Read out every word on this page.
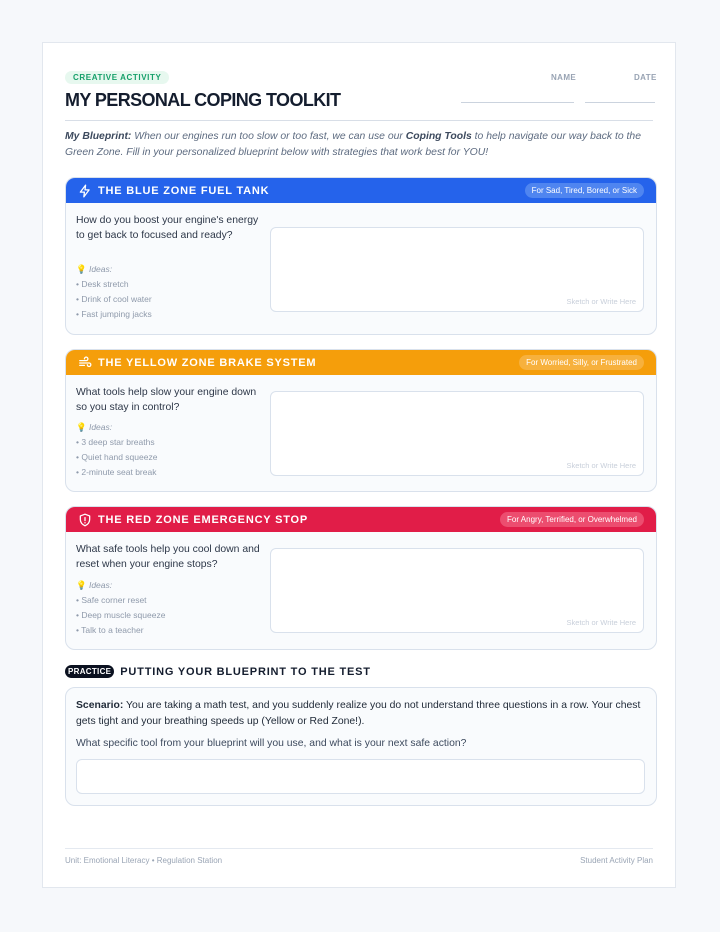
CREATIVE ACTIVITY
MY PERSONAL COPING TOOLKIT
NAME	DATE
My Blueprint: When our engines run too slow or too fast, we can use our Coping Tools to help navigate our way back to the Green Zone. Fill in your personalized blueprint below with strategies that work best for YOU!
THE BLUE ZONE FUEL TANK	For Sad, Tired, Bored, or Sick
How do you boost your engine's energy to get back to focused and ready?
💡 Ideas:
• Desk stretch
• Drink of cool water
• Fast jumping jacks
Sketch or Write Here
THE YELLOW ZONE BRAKE SYSTEM	For Worried, Silly, or Frustrated
What tools help slow your engine down so you stay in control?
💡 Ideas:
• 3 deep star breaths
• Quiet hand squeeze
• 2-minute seat break
Sketch or Write Here
THE RED ZONE EMERGENCY STOP	For Angry, Terrified, or Overwhelmed
What safe tools help you cool down and reset when your engine stops?
💡 Ideas:
• Safe corner reset
• Deep muscle squeeze
• Talk to a teacher
Sketch or Write Here
PRACTICE PUTTING YOUR BLUEPRINT TO THE TEST
Scenario: You are taking a math test, and you suddenly realize you do not understand three questions in a row. Your chest gets tight and your breathing speeds up (Yellow or Red Zone!).
What specific tool from your blueprint will you use, and what is your next safe action?
Unit: Emotional Literacy • Regulation Station	Student Activity Plan
